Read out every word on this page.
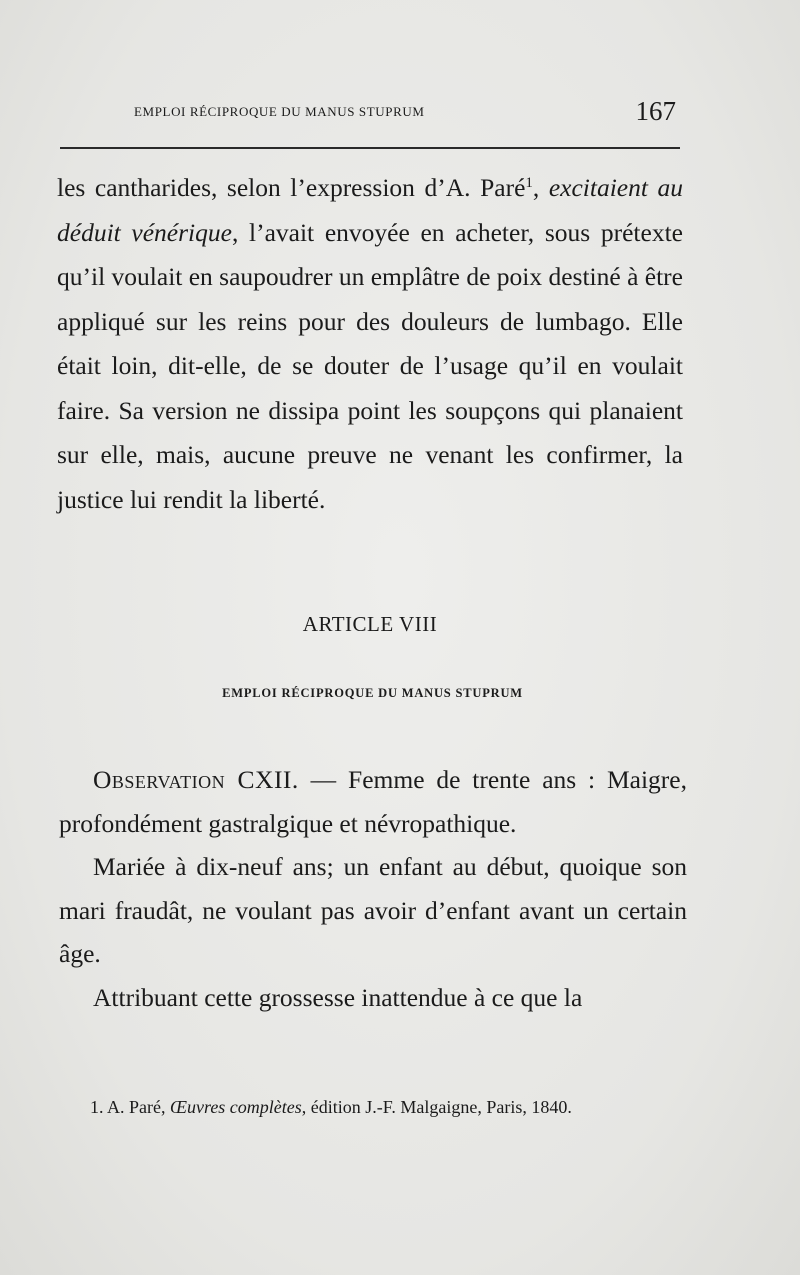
EMPLOI RÉCIPROQUE DU MANUS STUPRUM	167

les cantharides, selon l’expression d’A. Paré$^1$, excitaient au déduit vénérique, l’avait envoyée en acheter, sous prétexte qu’il voulait en saupoudrer un emplâtre de poix destiné à être appliqué sur les reins pour des douleurs de lumbago. Elle était loin, dit-elle, de se douter de l’usage qu’il en voulait faire. Sa version ne dissipa point les soupçons qui planaient sur elle, mais, aucune preuve ne venant les confirmer, la justice lui rendit la liberté.

ARTICLE VIII
EMPLOI RÉCIPROQUE DU MANUS STUPRUM

Observation CXII. — Femme de trente ans : Maigre, profondément gastralgique et névropathique.

Mariée à dix-neuf ans; un enfant au début, quoique son mari fraudât, ne voulant pas avoir d’enfant avant un certain âge.

Attribuant cette grossesse inattendue à ce que la

1. A. Paré, Œuvres complètes, édition J.-F. Malgaigne, Paris, 1840.
